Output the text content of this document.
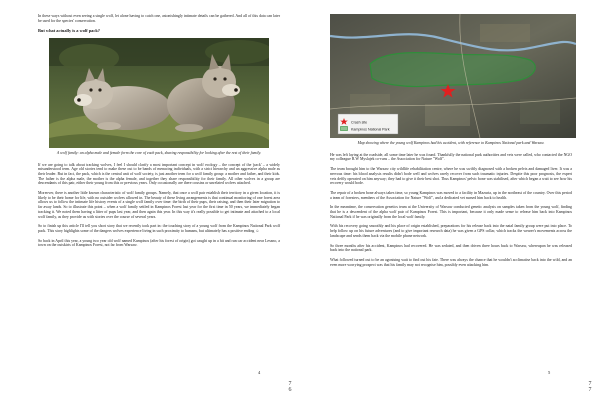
In these ways without even seeing a single wolf, let alone having to catch one, astonishingly intimate details can be gathered. And all of this data can later be used for the species' conservation.

But what actually is a wolf pack?

A wolf family: an alpha male and female form the core of each pack, sharing responsibility for looking after the rest of their family.

If we are going to talk about tracking wolves, I feel I should clarify a most important concept in wolf ecology – the concept of the 'pack' – a widely misunderstood term. Age old stories tend to make these out to be bands of menacing individuals, with a strict hierarchy and an aggressive alpha male as their leader. But in fact, the pack, which is the central unit of wolf society, is just another term for a wolf family group: a mother and father, and their kids. The father is the alpha male, the mother is the alpha female, and together they share responsibility for their family. All other wolves in a group are descendants of this pair, either their young from this or previous years. Only occasionally are there cousins or unrelated wolves attached.

Moreover, there is another little known characteristic of wolf family groups. Namely, that once a wolf pair establish their territory in a given location, it is likely to be their home for life, with no outsider wolves allowed in. The beauty of these living arrangements is that continual monitoring of one forest area allows us to follow the intimate life history events of a single wolf family over time: the birth of their pups, their raising, and then their later migration to far away lands. So to illustrate this point – when a wolf family settled in Kampinos Forest last year for the first time in 50 years, we immediately began tracking it. We noted them having a litter of pups last year, and then again this year. In this way it's really possible to get intimate and attached to a local wolf family, as they provide us with stories over the course of several years.

So to finish up this article I'll tell you short story that we recently took part in: the touching story of a young wolf from the Kampinos National Park wolf pack. This story highlights some of the dangers wolves experience living in such proximity to humans, but ultimately has a positive ending ☺

So back in April this year, a young two year old wolf named Kampinos (after his forest of origin) got caught up in a hit and run car accident near Leszno, a town on the outskirts of Kampinos Forest, not far from Warsaw.

4
7
6
Crash site
Kampinos National Park

Map showing where the young wolf Kampinos had his accident, with reference to Kampinos National park and Warsaw.

He was left laying at the roadside, all some time later he was found. Thankfully the national park authorities and vets were called, who contacted the NGO my colleague R.W Myslajek co-runs – the Association for Nature "Wolf".

The team brought him to the Warsaw city wildlife rehabilitation centre, where he was swiftly diagnosed with a broken pelvis and damaged liver. It was a nervous time: his blood analysis results didn't bode well and wolves rarely recover from such traumatic injuries. Despite this poor prognosis, the expert vets deftly operated on him anyway; they had to give it their best shot. Thus Kampinos' pelvic bone was stabilised, after which began a wait to see how his recovery would bode.

The repair of a broken bone always takes time, so young Kampinos was moved to a facility in Mazuria, up in the northeast of the country. Over this period a team of foresters, members of the Association for Nature "Wolf", and a dedicated vet nursed him back to health.

In the meantime, the conservation genetics team at the University of Warsaw conducted genetic analysis on samples taken from the young wolf, finding that he is a descendent of the alpha wolf pair of Kampinos Forest. This is important, because it only made sense to release him back into Kampinos National Park if he was originally from the local wolf family.

With his recovery going smoothly and his place of origin established, preparations for his release back into the natal family group were put into place. To help follow up on his future adventures (and to give important research data) he was given a GPS collar, which tracks the wearer's movements across the landscape and sends them back via the mobile phone network.

So three months after his accident, Kampinos had recovered. He was sedated, and then driven three hours back to Warsaw, whereupon he was released back into the national park.

What followed turned out to be an agonising wait to find out his fate. There was always the chance that he wouldn't acclimatise back into the wild, and an even more worrying prospect was that his family may not recognise him, possibly even attacking him.

5
7
7
